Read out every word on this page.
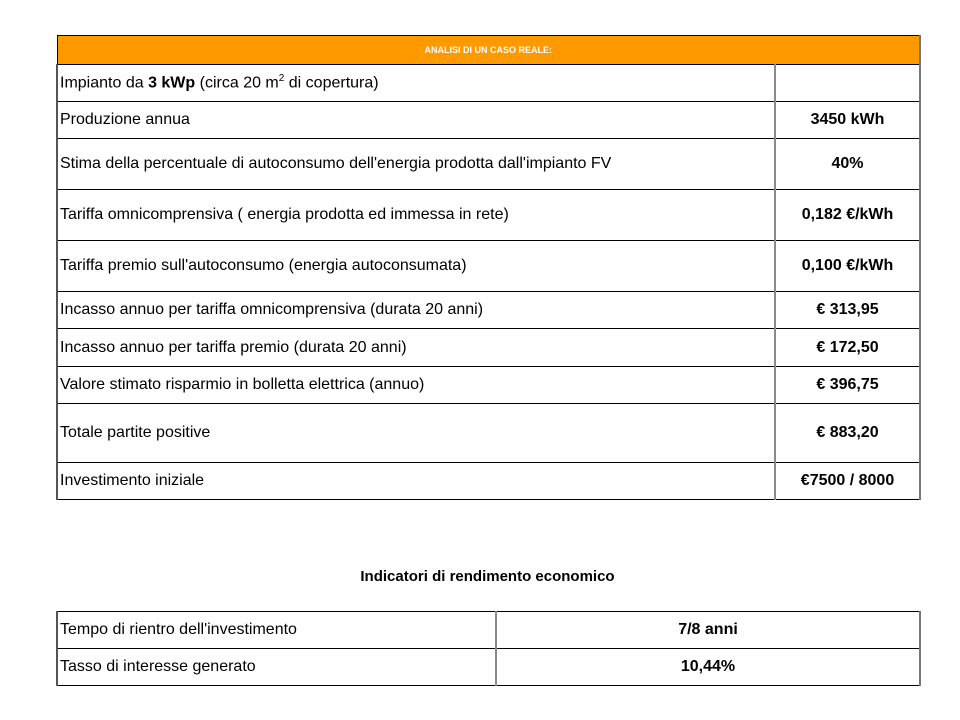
ANALISI DI UN CASO REALE:	
Impianto da 3 kWp (circa 20 $m^2$ di copertura)	
Produzione annua	3450 kWh
Stima della percentuale di autoconsumo dell'energia prodotta dall'impianto FV	40%
Tariffa omnicomprensiva ( energia prodotta ed immessa in rete)	0,182 €/kWh
Tariffa premio sull'autoconsumo (energia autoconsumata)	0,100 €/kWh
Incasso annuo per tariffa omnicomprensiva (durata 20 anni)	€ 313,95
Incasso annuo per tariffa premio (durata 20 anni)	€ 172,50
Valore stimato risparmio in bolletta elettrica (annuo)	€ 396,75
Totale partite positive	€ 883,20
Investimento iniziale	€7500 / 8000
Indicatori di rendimento economico
Tempo di rientro dell'investimento	7/8 anni
Tasso di interesse generato	10,44%
